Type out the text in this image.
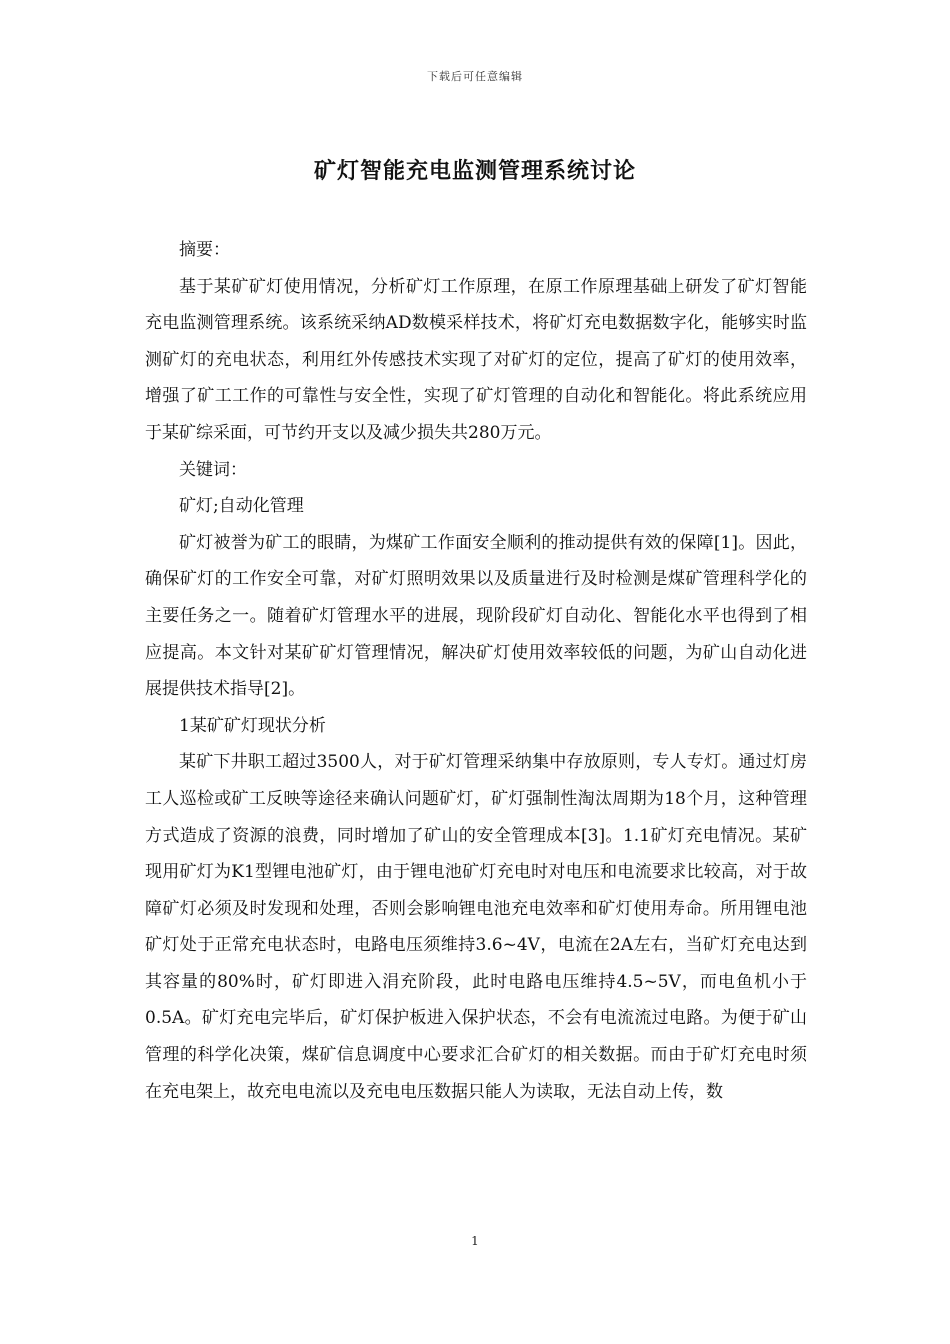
下载后可任意编辑
矿灯智能充电监测管理系统讨论

摘要：

基于某矿矿灯使用情况，分析矿灯工作原理，在原工作原理基础上研发了矿灯智能充电监测管理系统。该系统采纳AD数模采样技术，将矿灯充电数据数字化，能够实时监测矿灯的充电状态，利用红外传感技术实现了对矿灯的定位，提高了矿灯的使用效率，增强了矿工工作的可靠性与安全性，实现了矿灯管理的自动化和智能化。将此系统应用于某矿综采面，可节约开支以及减少损失共280万元。

关键词：

矿灯;自动化管理

矿灯被誉为矿工的眼睛，为煤矿工作面安全顺利的推动提供有效的保障[1]。因此，确保矿灯的工作安全可靠，对矿灯照明效果以及质量进行及时检测是煤矿管理科学化的主要任务之一。随着矿灯管理水平的进展，现阶段矿灯自动化、智能化水平也得到了相应提高。本文针对某矿矿灯管理情况，解决矿灯使用效率较低的问题，为矿山自动化进展提供技术指导[2]。

1某矿矿灯现状分析

某矿下井职工超过3500人，对于矿灯管理采纳集中存放原则，专人专灯。通过灯房工人巡检或矿工反映等途径来确认问题矿灯，矿灯强制性淘汰周期为18个月，这种管理方式造成了资源的浪费，同时增加了矿山的安全管理成本[3]。1.1矿灯充电情况。某矿现用矿灯为K1型锂电池矿灯，由于锂电池矿灯充电时对电压和电流要求比较高，对于故障矿灯必须及时发现和处理，否则会影响锂电池充电效率和矿灯使用寿命。所用锂电池矿灯处于正常充电状态时，电路电压须维持3.6~4V，电流在2A左右，当矿灯充电达到其容量的80%时，矿灯即进入涓充阶段，此时电路电压维持4.5~5V，而电鱼机小于0.5A。矿灯充电完毕后，矿灯保护板进入保护状态，不会有电流流过电路。为便于矿山管理的科学化决策，煤矿信息调度中心要求汇合矿灯的相关数据。而由于矿灯充电时须在充电架上，故充电电流以及充电电压数据只能人为读取，无法自动上传，数

1
